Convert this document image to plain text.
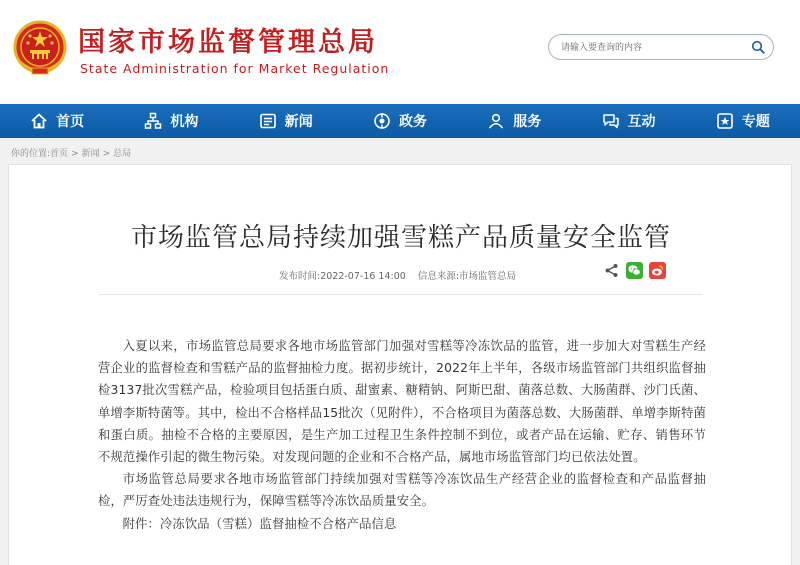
国家市场监督管理总局
State Administration for Market Regulation
请输入要查询的内容
首页	机构	新闻	政务	服务	互动	专题
你的位置:首页 > 新闻 > 总局
市场监管总局持续加强雪糕产品质量安全监管
发布时间:2022-07-16 14:00 信息来源:市场监管总局

入夏以来，市场监管总局要求各地市场监管部门加强对雪糕等冷冻饮品的监管，进一步加大对雪糕生产经营企业的监督检查和雪糕产品的监督抽检力度。据初步统计，2022年上半年，各级市场监管部门共组织监督抽检3137批次雪糕产品，检验项目包括蛋白质、甜蜜素、糖精钠、阿斯巴甜、菌落总数、大肠菌群、沙门氏菌、单增李斯特菌等。其中，检出不合格样品15批次（见附件），不合格项目为菌落总数、大肠菌群、单增李斯特菌和蛋白质。抽检不合格的主要原因，是生产加工过程卫生条件控制不到位，或者产品在运输、贮存、销售环节不规范操作引起的微生物污染。对发现问题的企业和不合格产品，属地市场监管部门均已依法处置。

市场监管总局要求各地市场监管部门持续加强对雪糕等冷冻饮品生产经营企业的监督检查和产品监督抽检，严厉查处违法违规行为，保障雪糕等冷冻饮品质量安全。

附件：冷冻饮品（雪糕）监督抽检不合格产品信息
